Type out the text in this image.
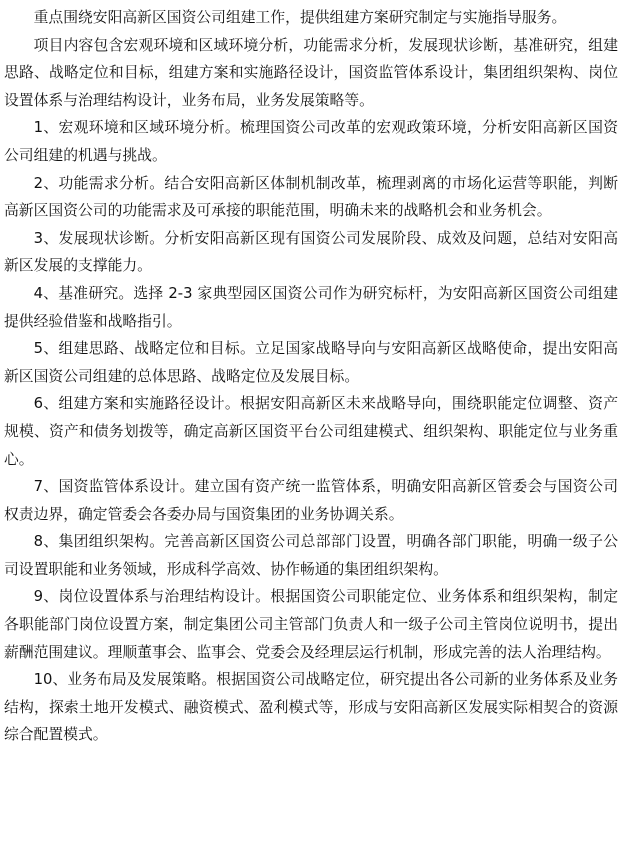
重点围绕安阳高新区国资公司组建工作，提供组建方案研究制定与实施指导服务。

项目内容包含宏观环境和区域环境分析，功能需求分析，发展现状诊断，基准研究，组建思路、战略定位和目标，组建方案和实施路径设计，国资监管体系设计，集团组织架构、岗位设置体系与治理结构设计，业务布局，业务发展策略等。

1、宏观环境和区域环境分析。梳理国资公司改革的宏观政策环境，分析安阳高新区国资公司组建的机遇与挑战。

2、功能需求分析。结合安阳高新区体制机制改革，梳理剥离的市场化运营等职能，判断高新区国资公司的功能需求及可承接的职能范围，明确未来的战略机会和业务机会。

3、发展现状诊断。分析安阳高新区现有国资公司发展阶段、成效及问题，总结对安阳高新区发展的支撑能力。

4、基准研究。选择 2-3 家典型园区国资公司作为研究标杆，为安阳高新区国资公司组建提供经验借鉴和战略指引。

5、组建思路、战略定位和目标。立足国家战略导向与安阳高新区战略使命，提出安阳高新区国资公司组建的总体思路、战略定位及发展目标。

6、组建方案和实施路径设计。根据安阳高新区未来战略导向，围绕职能定位调整、资产规模、资产和债务划拨等，确定高新区国资平台公司组建模式、组织架构、职能定位与业务重心。

7、国资监管体系设计。建立国有资产统一监管体系，明确安阳高新区管委会与国资公司权责边界，确定管委会各委办局与国资集团的业务协调关系。

8、集团组织架构。完善高新区国资公司总部部门设置，明确各部门职能，明确一级子公司设置职能和业务领域，形成科学高效、协作畅通的集团组织架构。

9、岗位设置体系与治理结构设计。根据国资公司职能定位、业务体系和组织架构，制定各职能部门岗位设置方案，制定集团公司主管部门负责人和一级子公司主管岗位说明书，提出薪酬范围建议。理顺董事会、监事会、党委会及经理层运行机制，形成完善的法人治理结构。

10、业务布局及发展策略。根据国资公司战略定位，研究提出各公司新的业务体系及业务结构，探索土地开发模式、融资模式、盈利模式等，形成与安阳高新区发展实际相契合的资源综合配置模式。
